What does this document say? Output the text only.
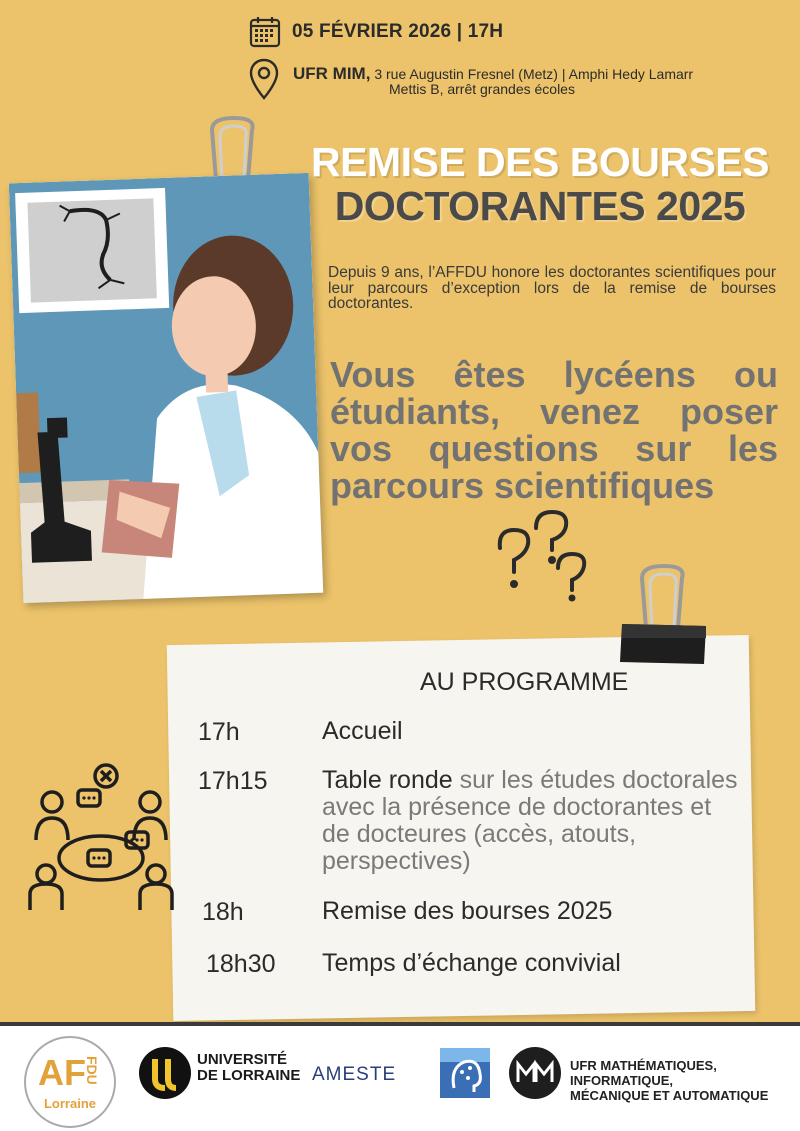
05 FÉVRIER 2026 | 17H
UFR MIM, 3 rue Augustin Fresnel (Metz) | Amphi Hedy Lamarr
Mettis B, arrêt grandes écoles
REMISE DES BOURSES
DOCTORANTES 2025
Depuis 9 ans, l’AFFDU honore les doctorantes scientifiques pour leur parcours d’exception lors de la remise de bourses doctorantes.
Vous êtes lycéens ou étudiants, venez poser vos questions sur les parcours scientifiques
AU PROGRAMME
17h	Accueil
17h15 Table ronde sur les études doctorales avec la présence de doctorantes et de docteures (accès, atouts, perspectives)
18h	Remise des bourses 2025
18h30 Temps d’échange convivial
AF
FDU
Lorraine
UNIVERSITÉ
DE LORRAINE AMESTE	UFR MATHÉMATIQUES, INFORMATIQUE,
MÉCANIQUE ET AUTOMATIQUE
